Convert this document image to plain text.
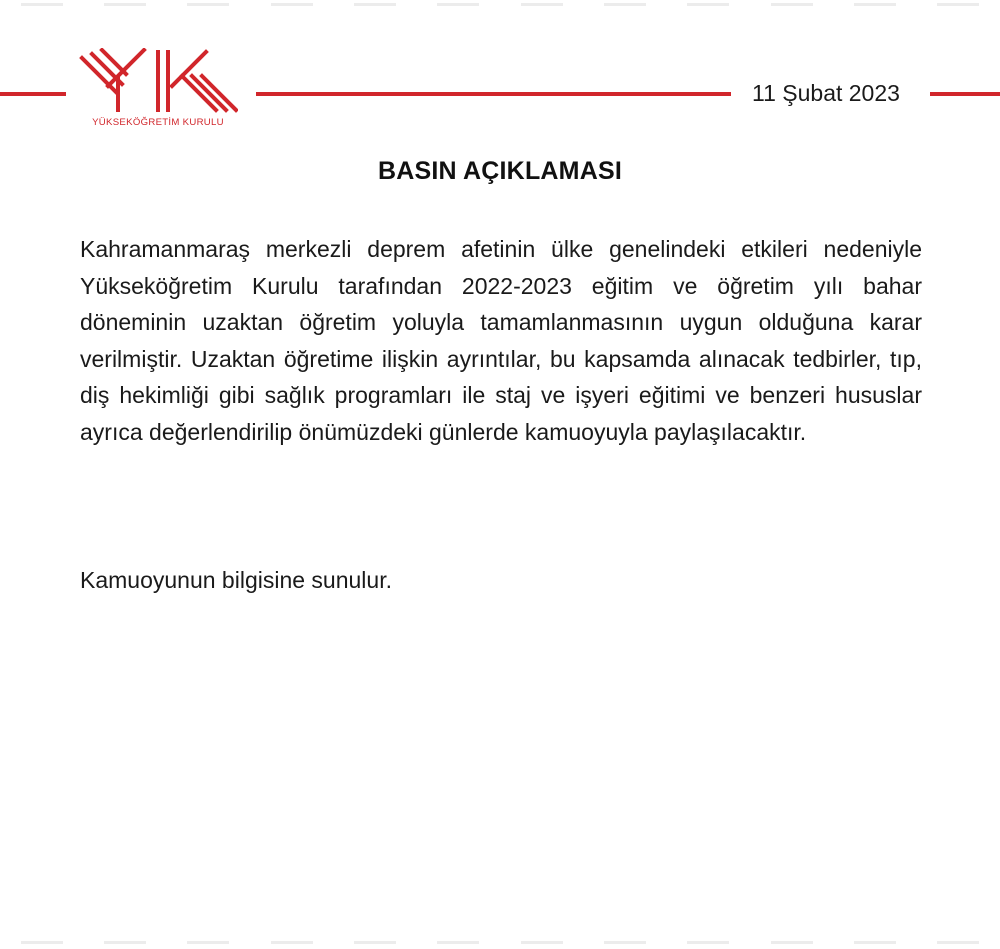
YÜKSEKÖĞRETİM KURULU
11 Şubat 2023
BASIN AÇIKLAMASI

Kahramanmaraş merkezli deprem afetinin ülke genelindeki etkileri nedeniyle Yükseköğretim Kurulu tarafından 2022-2023 eğitim ve öğretim yılı bahar döneminin uzaktan öğretim yoluyla tamamlanmasının uygun olduğuna karar verilmiştir. Uzaktan öğretime ilişkin ayrıntılar, bu kapsamda alınacak tedbirler, tıp, diş hekimliği gibi sağlık programları ile staj ve işyeri eğitimi ve benzeri hususlar ayrıca değerlendirilip önümüzdeki günlerde kamuoyuyla paylaşılacaktır.

Kamuoyunun bilgisine sunulur.
